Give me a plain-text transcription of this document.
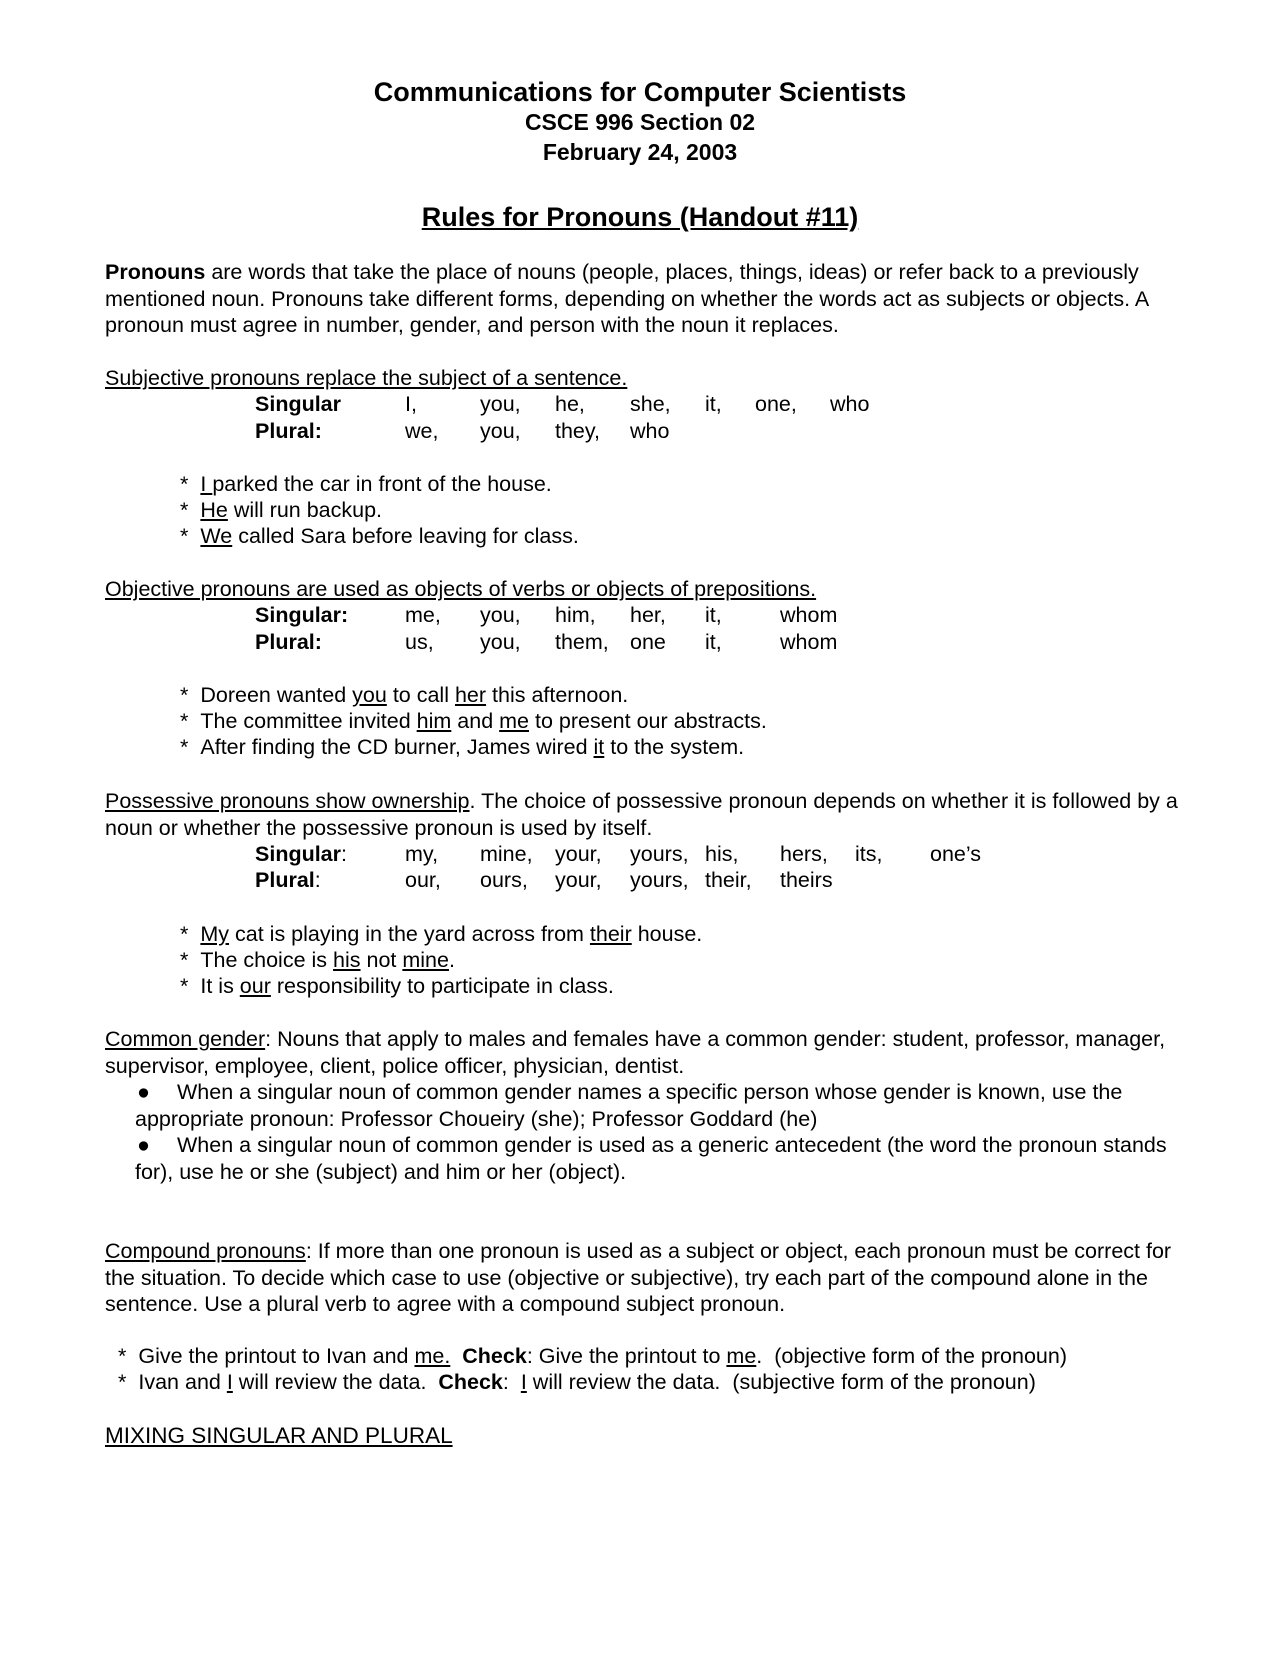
Communications for Computer Scientists
CSCE 996 Section 02
February 24, 2003
Rules for Pronouns (Handout #11)
Pronouns are words that take the place of nouns (people, places, things, ideas) or refer back to a previously mentioned noun. Pronouns take different forms, depending on whether the words act as subjects or objects. A pronoun must agree in number, gender, and person with the noun it replaces.
Subjective pronouns replace the subject of a sentence.
Singular	I,	you, he, she, it, one, who
Plural:	we, you, they, who
* I parked the car in front of the house.
* He will run backup.
* We called Sara before leaving for class.
Objective pronouns are used as objects of verbs or objects of prepositions.
Singular:	me, you, him, her, it,	whom
Plural:	us, you, them, one it,	whom
* Doreen wanted you to call her this afternoon.
* The committee invited him and me to present our abstracts.
* After finding the CD burner, James wired it to the system.
Possessive pronouns show ownership. The choice of possessive pronoun depends on whether it is followed by a noun or whether the possessive pronoun is used by itself.
Singular :	my, mine, your, yours, his, hers, its, one’s
Plural :	our, ours, your, yours, their, theirs
* My cat is playing in the yard across from their house.
* The choice is his not mine.
* It is our responsibility to participate in class.
Common gender: Nouns that apply to males and females have a common gender: student, professor, manager, supervisor, employee, client, police officer, physician, dentist.
● When a singular noun of common gender names a specific person whose gender is known, use the appropriate pronoun: Professor Choueiry (she); Professor Goddard (he)
● When a singular noun of common gender is used as a generic antecedent (the word the pronoun stands for), use he or she (subject) and him or her (object).
Compound pronouns: If more than one pronoun is used as a subject or object, each pronoun must be correct for the situation. To decide which case to use (objective or subjective), try each part of the compound alone in the sentence. Use a plural verb to agree with a compound subject pronoun.
* Give the printout to Ivan and me. Check: Give the printout to me.  (objective form of the pronoun)
* Ivan and I will review the data.  Check:  I will review the data.  (subjective form of the pronoun)
MIXING SINGULAR AND PLURAL
